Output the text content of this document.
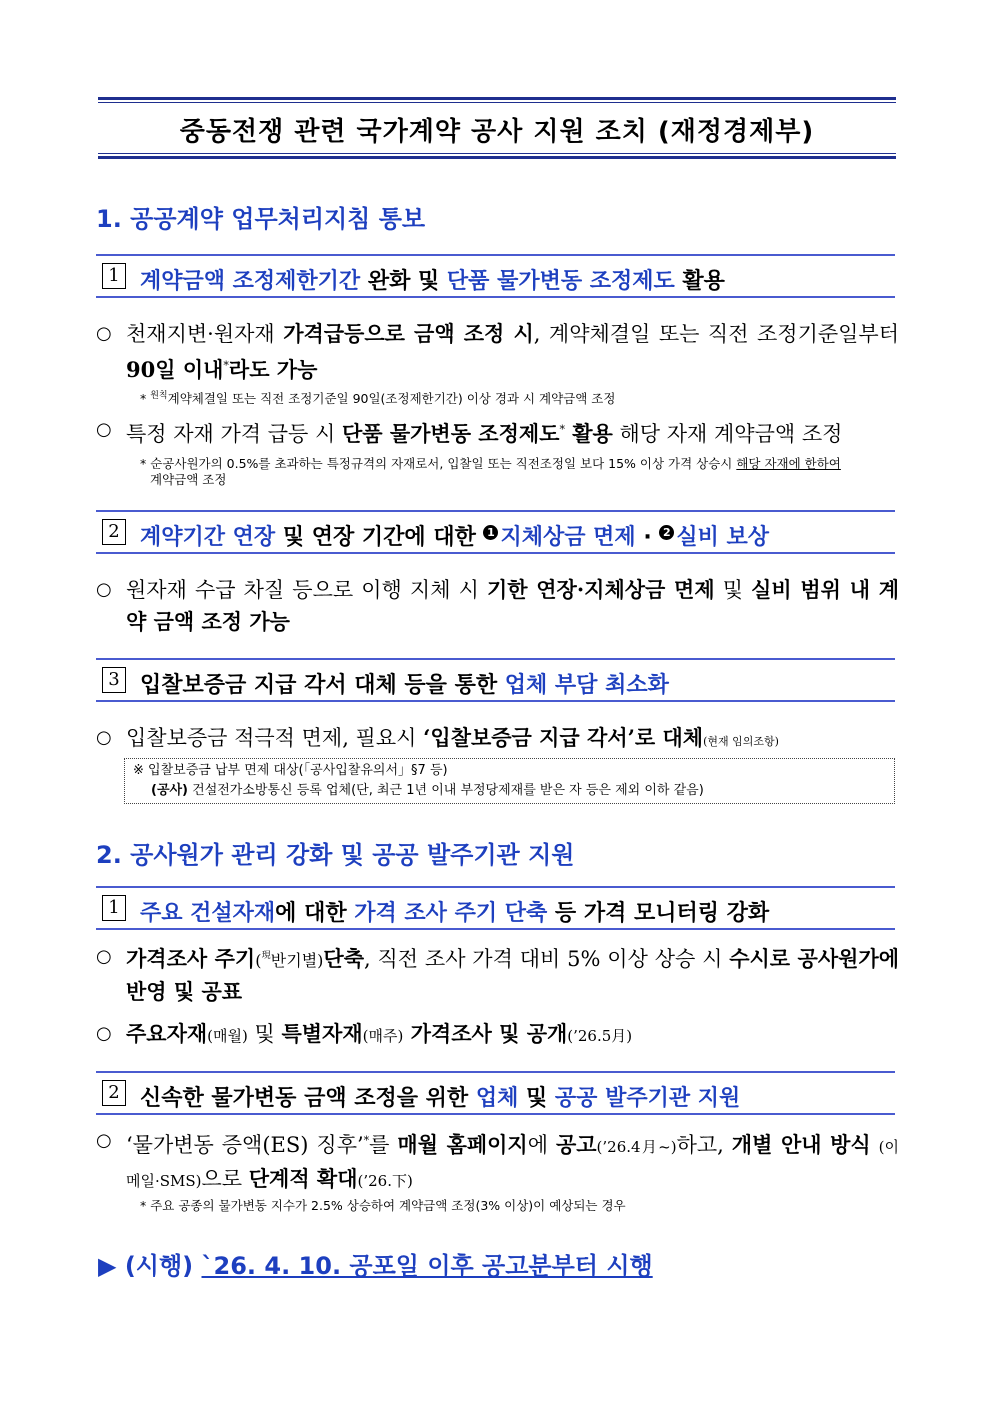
중동전쟁 관련 국가계약 공사 지원 조치 (재정경제부)
1. 공공계약 업무처리지침 통보
1 계약금액 조정제한기간 완화 및 단품 물가변동 조정제도 활용
○ 천재지변·원자재 가격급등으로 금액 조정 시, 계약체결일 또는 직전 조정기준일부터 90일 이내*라도 가능
* $^{원칙}$계약체결일 또는 직전 조정기준일 90일(조정제한기간) 이상 경과 시 계약금액 조정
○ 특정 자재 가격 급등 시 단품 물가변동 조정제도* 활용 해당 자재 계약금액 조정
* 순공사원가의 0.5%를 초과하는 특정규격의 자재로서, 입찰일 또는 직전조정일 보다 15% 이상 가격 상승시 해당 자재에 한하여
계약금액 조정
2 계약기간 연장 및 연장 기간에 대한 1 지체상금 면제 · 2 실비 보상
○ 원자재 수급 차질 등으로 이행 지체 시 기한 연장·지체상금 면제 및 실비 범위 내 계약 금액 조정 가능
3 입찰보증금 지급 각서 대체 등을 통한 업체 부담 최소화
○ 입찰보증금 적극적 면제, 필요시 ‘입찰보증금 지급 각서’로 대체(현재 임의조항)
※ 입찰보증금 납부 면제 대상(「공사입찰유의서」§7 등)
(공사) 건설전가소방통신 등록 업체(단, 최근 1년 이내 부정당제재를 받은 자 등은 제외 이하 같음)
2. 공사원가 관리 강화 및 공공 발주기관 지원
1 주요 건설자재에 대한 가격 조사 주기 단축 등 가격 모니터링 강화
○ 가격조사 주기($^現$반기별)단축, 직전 조사 가격 대비 5% 이상 상승 시 수시로 공사원가에 반영 및 공표
○ 주요자재(매월) 및 특별자재(매주) 가격조사 및 공개(’26.5月)
2 신속한 물가변동 금액 조정을 위한 업체 및 공공 발주기관 지원
○ ‘물가변동 증액(ES) 징후’*를 매월 홈페이지에 공고(’26.4月~)하고, 개별 안내 방식 (이메일·SMS)으로 단계적 확대(’26.下)
* 주요 공종의 물가변동 지수가 2.5% 상승하여 계약금액 조정(3% 이상)이 예상되는 경우
▶ (시행) `26. 4. 10. 공포일 이후 공고분부터 시행
